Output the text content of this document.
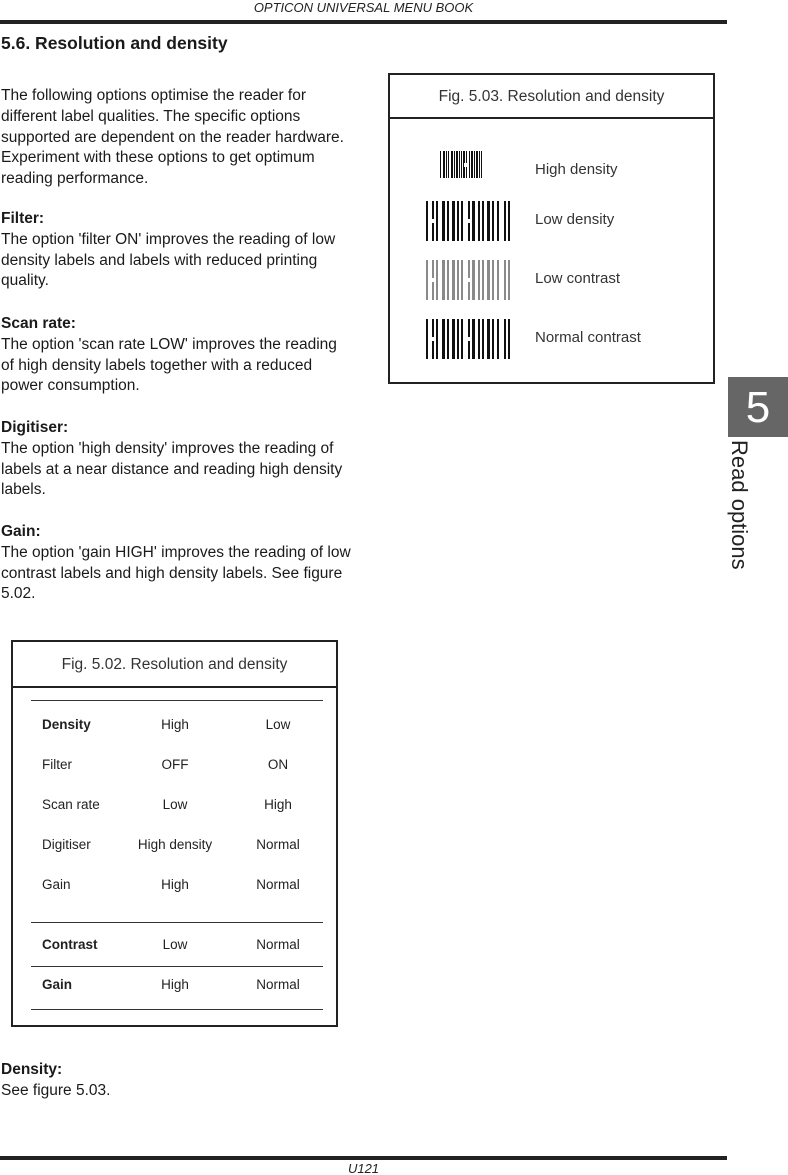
OPTICON UNIVERSAL MENU BOOK
5.6. Resolution and density
The following options optimise the reader for different label qualities. The specific options supported are dependent on the reader hardware. Experiment with these options to get optimum reading performance.
Filter:
The option 'filter ON' improves the reading of low density labels and labels with reduced printing quality.
Scan rate:
The option 'scan rate LOW' improves the reading of high density labels together with a reduced power consumption.
Digitiser:
The option 'high density' improves the reading of labels at a near distance and reading high density labels.
Gain:
The option 'gain HIGH' improves the reading of low contrast labels and high density labels. See figure 5.02.
Fig. 5.03. Resolution and density
High density
Low density
Low contrast
Normal contrast
5
Read options
Fig. 5.02. Resolution and density
Density	High	Low
Filter	OFF	ON
Scan rate	Low	High
Digitiser	High density	Normal
Gain	High	Normal
Contrast	Low	Normal
Gain	High	Normal
Density:
See figure 5.03.
U121
